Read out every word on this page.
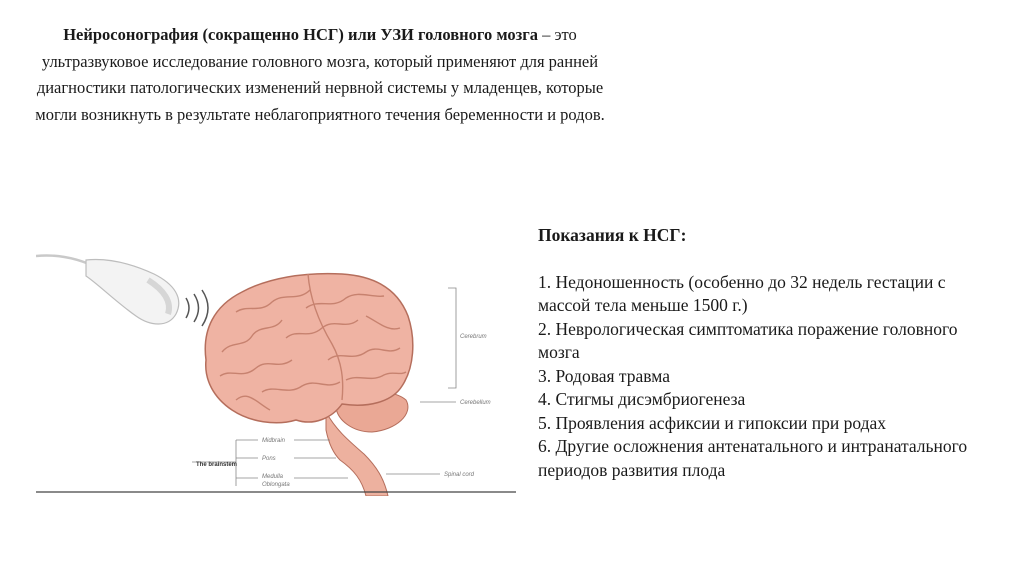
Нейросонография (сокращенно НСГ) или УЗИ головного мозга – это ультразвуковое исследование головного мозга, который применяют для ранней диагностики патологических изменений нервной системы у младенцев, которые могли возникнуть в результате неблагоприятного течения беременности и родов.
Cerebrum
Cerebellum
Spinal cord
The brainstem
Midbrain
Pons
Medulla
Oblongata
Показания к НСГ:
1. Недоношенность (особенно до 32 недель гестации с массой тела меньше 1500 г.)
2. Неврологическая симптоматика поражение головного мозга
3. Родовая травма
4. Стигмы дисэмбриогенеза
5. Проявления асфиксии и гипоксии при родах
6. Другие осложнения антенатального и интранатального периодов развития плода
